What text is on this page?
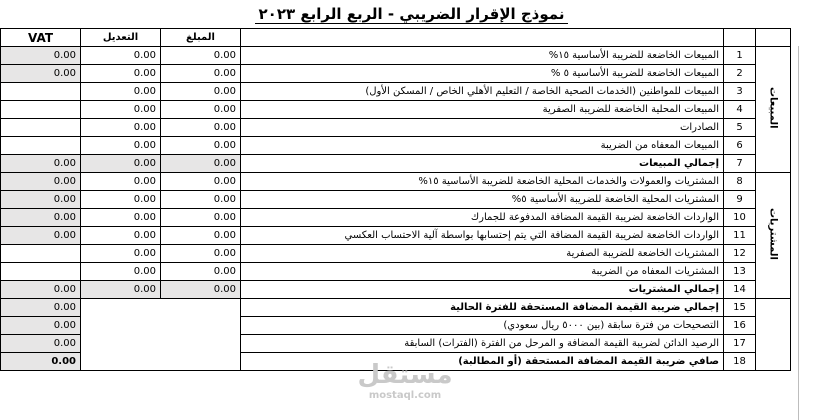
نموذج الإقرار الضريبي - الربع الرابع ٢٠٢٣
VAT	التعديل	المبلغ			
0.00	0.00	0.00	المبيعات الخاضعة للضريبة الأساسية ١٥%	1	المبيعات
0.00	0.00	0.00	المبيعات الخاضعة للضريبة الأساسية ٥ %	2	
	0.00	0.00	المبيعات للمواطنين (الخدمات الصحية الخاصة / التعليم الأهلي الخاص / المسكن الأول)	3	
	0.00	0.00	المبيعات المحلية الخاضعة للضريبة الصفرية	4	
	0.00	0.00	الصادرات	5	
	0.00	0.00	المبيعات المعفاه من الضريبة	6	
0.00	0.00	0.00	إجمالي المبيعات	7	
0.00	0.00	0.00	المشتريات والعمولات والخدمات المحلية الخاضعة للضريبة الأساسية ١٥%	8	المشتريات
0.00	0.00	0.00	المشتريات المحلية الخاضعة للضريبة الأساسية ٥%	9	
0.00	0.00	0.00	الواردات الخاضعة لضريبة القيمة المضافة المدفوعة للجمارك	10	
0.00	0.00	0.00	الواردات الخاضعة لضريبة القيمة المضافة التي يتم إحتسابها بواسطة آلية الاحتساب العكسي	11	
	0.00	0.00	المشتريات الخاضعة للضريبة الصفرية	12	
	0.00	0.00	المشتريات المعفاه من الضريبة	13	
0.00	0.00	0.00	إجمالي المشتريات	14	
0.00			إجمالي ضريبة القيمة المضافة المستحقة للفترة الحالية	15	
0.00			التصحيحات من فترة سابقة (بين ٥٠٠٠ ريال سعودي)	16	
0.00			الرصيد الدائن لضريبة القيمة المضافة و المرحل من الفترة (الفترات) السابقة	17	
0.00			صافي ضريبة القيمة المضافة المستحقة (أو المطالبة)	18	
مستقل
mostaql.com
